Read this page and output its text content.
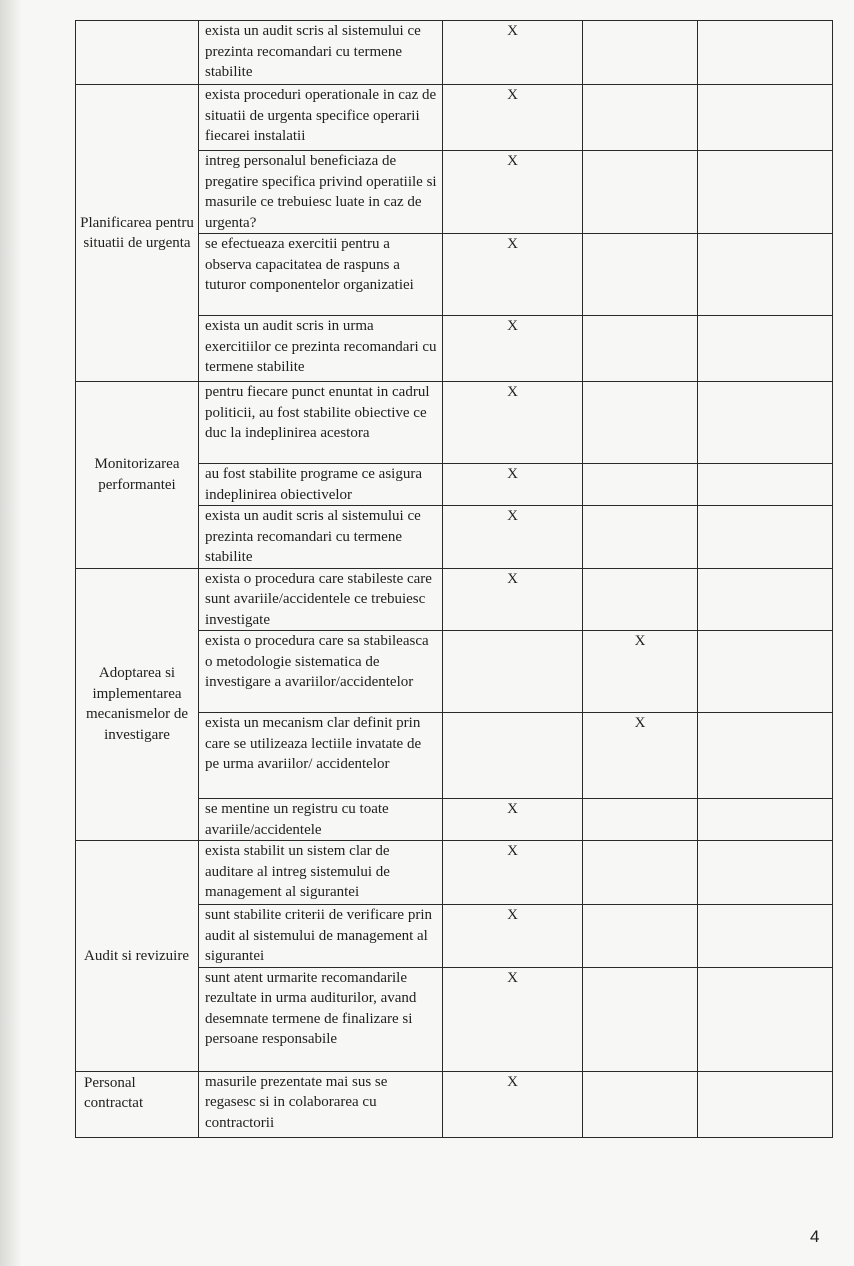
	exista un audit scris al sistemului ce prezinta recomandari cu termene stabilite	X		
Planificarea pentru situatii de urgenta	exista proceduri operationale in caz de situatii de urgenta specifice operarii fiecarei instalatii	X		
	intreg personalul beneficiaza de pregatire specifica privind operatiile si masurile ce trebuiesc luate in caz de urgenta?	X		
	se efectueaza exercitii pentru a observa capacitatea de raspuns a tuturor componentelor organizatiei	X		
	exista un audit scris in urma exercitiilor ce prezinta recomandari cu termene stabilite	X		
Monitorizarea performantei	pentru fiecare punct enuntat in cadrul politicii, au fost stabilite obiective ce duc la indeplinirea acestora	X		
	au fost stabilite programe ce asigura indeplinirea obiectivelor	X		
	exista un audit scris al sistemului ce prezinta recomandari cu termene stabilite	X		
Adoptarea si implementarea mecanismelor de investigare	exista o procedura care stabileste care sunt avariile/accidentele ce trebuiesc investigate	X		
	exista o procedura care sa stabileasca o metodologie sistematica de investigare a avariilor/accidentelor		X	
	exista un mecanism clar definit prin care se utilizeaza lectiile invatate de pe urma avariilor/ accidentelor		X	
	se mentine un registru cu toate avariile/accidentele	X		
Audit si revizuire	exista stabilit un sistem clar de auditare al intreg sistemului de management al sigurantei	X		
	sunt stabilite criterii de verificare prin audit al sistemului de management al sigurantei	X		
	sunt atent urmarite recomandarile rezultate in urma auditurilor, avand desemnate termene de finalizare si persoane responsabile	X		
Personal contractat	masurile prezentate mai sus se regasesc si in colaborarea cu contractorii	X		
4
